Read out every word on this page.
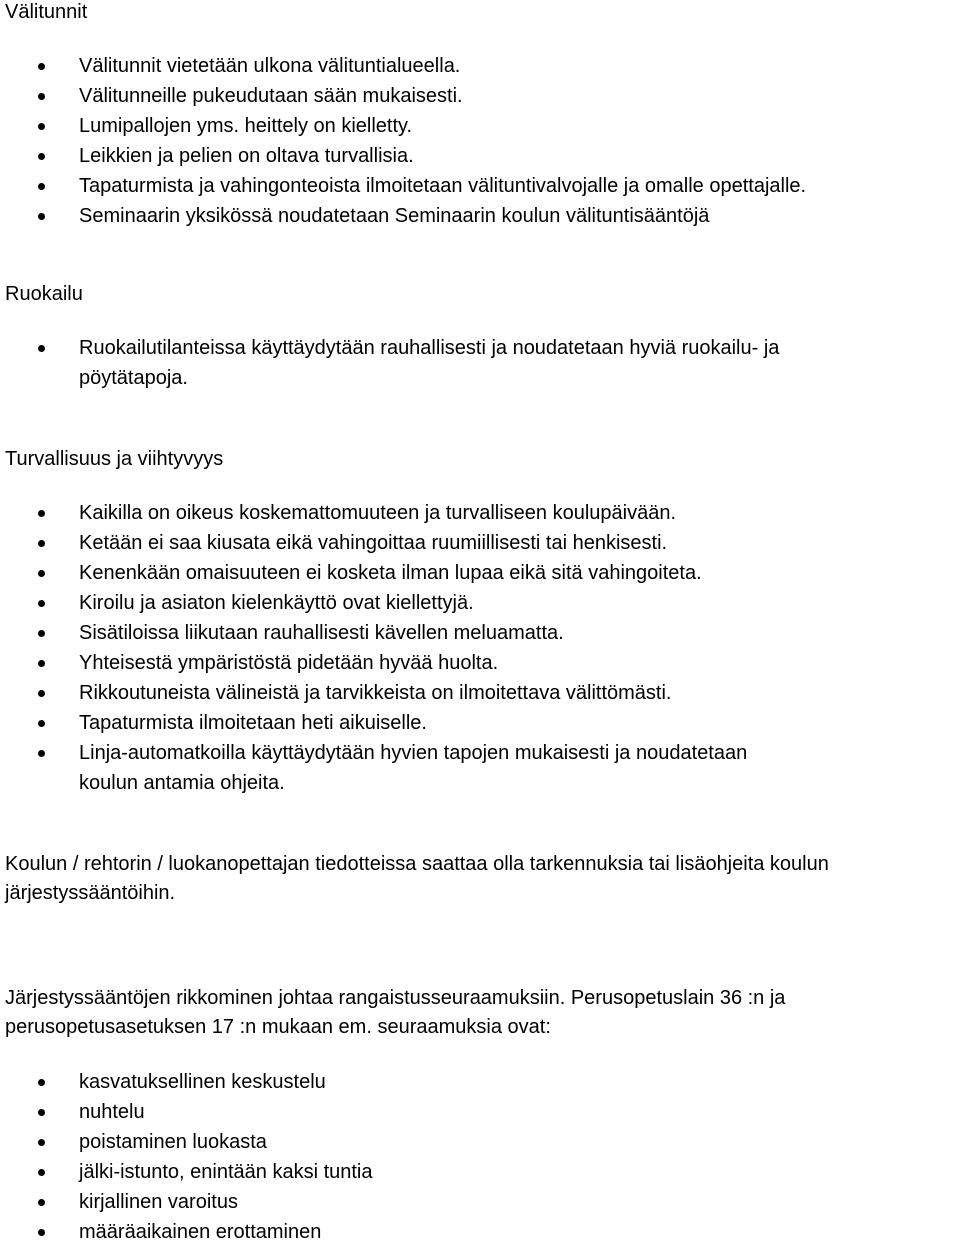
Välitunnit
Välitunnit vietetään ulkona välituntialueella.
Välitunneille pukeudutaan sään mukaisesti.
Lumipallojen yms. heittely on kielletty.
Leikkien ja pelien on oltava turvallisia.
Tapaturmista ja vahingonteoista ilmoitetaan välituntivalvojalle ja omalle opettajalle.
Seminaarin yksikössä noudatetaan Seminaarin koulun välituntisääntöjä
Ruokailu
Ruokailutilanteissa käyttäydytään rauhallisesti ja noudatetaan hyviä ruokailu- ja
pöytätapoja.
Turvallisuus ja viihtyvyys
Kaikilla on oikeus koskemattomuuteen ja turvalliseen koulupäivään.
Ketään ei saa kiusata eikä vahingoittaa ruumiillisesti tai henkisesti.
Kenenkään omaisuuteen ei kosketa ilman lupaa eikä sitä vahingoiteta.
Kiroilu ja asiaton kielenkäyttö ovat kiellettyjä.
Sisätiloissa liikutaan rauhallisesti kävellen meluamatta.
Yhteisestä ympäristöstä pidetään hyvää huolta.
Rikkoutuneista välineistä ja tarvikkeista on ilmoitettava välittömästi.
Tapaturmista ilmoitetaan heti aikuiselle.
Linja-automatkoilla käyttäydytään hyvien tapojen mukaisesti ja noudatetaan
koulun antamia ohjeita.

Koulun / rehtorin / luokanopettajan tiedotteissa saattaa olla tarkennuksia tai lisäohjeita koulun
järjestyssääntöihin.

Järjestyssääntöjen rikkominen johtaa rangaistusseuraamuksiin. Perusopetuslain 36 :n ja
perusopetusasetuksen 17 :n mukaan em. seuraamuksia ovat:

kasvatuksellinen keskustelu
nuhtelu
poistaminen luokasta
jälki-istunto, enintään kaksi tuntia
kirjallinen varoitus
määräaikainen erottaminen
